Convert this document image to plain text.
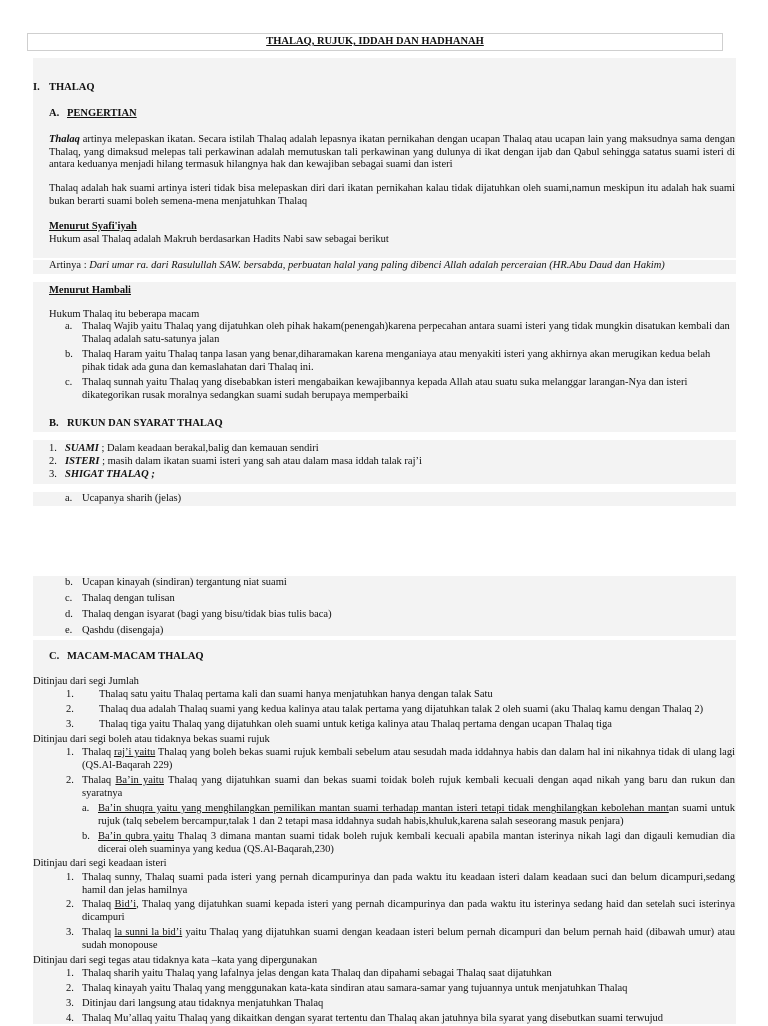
THALAQ, RUJUK, IDDAH DAN HADHANAH
I. THALAQ
A. PENGERTIAN
Thalaq artinya melepaskan ikatan. Secara istilah Thalaq adalah lepasnya ikatan pernikahan dengan ucapan Thalaq atau ucapan lain yang maksudnya sama dengan Thalaq, yang dimaksud melepas tali perkawinan adalah memutuskan tali perkawinan yang dulunya di ikat dengan ijab dan Qabul sehingga satatus suami isteri di antara keduanya menjadi hilang termasuk hilangnya hak dan kewajiban sebagai suami dan isteri
Thalaq adalah hak suami artinya isteri tidak bisa melepaskan diri dari ikatan pernikahan kalau tidak dijatuhkan oleh suami,namun meskipun itu adalah hak suami bukan berarti suami boleh semena-mena menjatuhkan Thalaq
Menurut Syafi'iyah
Hukum asal Thalaq adalah Makruh berdasarkan Hadits Nabi saw sebagai berikut
Artinya : Dari umar ra. dari Rasulullah SAW. bersabda, perbuatan halal yang paling dibenci Allah adalah perceraian (HR.Abu Daud dan Hakim)
Menurut Hambali
Hukum Thalaq itu beberapa macam
a. Thalaq Wajib yaitu Thalaq yang dijatuhkan oleh pihak hakam(penengah)karena perpecahan antara suami isteri yang tidak mungkin disatukan kembali dan Thalaq adalah satu-satunya jalan
b. Thalaq Haram yaitu Thalaq tanpa lasan yang benar,diharamakan karena menganiaya atau menyakiti isteri yang akhirnya akan merugikan kedua belah pihak tidak ada guna dan kemaslahatan dari Thalaq ini.
c. Thalaq sunnah yaitu Thalaq yang disebabkan isteri mengabaikan kewajibannya kepada Allah atau suatu suka melanggar larangan-Nya dan isteri dikategorikan rusak moralnya sedangkan suami sudah berupaya memperbaiki
B. RUKUN DAN SYARAT THALAQ
1. SUAMI ; Dalam keadaan berakal,balig dan kemauan sendiri
2. ISTERI ; masih dalam ikatan suami isteri yang sah atau dalam masa iddah talak raj’i
3. SHIGAT THALAQ ;
a. Ucapanya sharih (jelas)
b. Ucapan kinayah (sindiran) tergantung niat suami
c. Thalaq dengan tulisan
d. Thalaq dengan isyarat (bagi yang bisu/tidak bias tulis baca)
e. Qashdu (disengaja)
C. MACAM-MACAM THALAQ
Ditinjau dari segi Jumlah
1. Thalaq satu yaitu Thalaq pertama kali dan suami hanya menjatuhkan hanya dengan talak Satu
2. Thalaq dua adalah Thalaq suami yang kedua kalinya atau talak pertama yang dijatuhkan talak 2 oleh suami (aku Thalaq kamu dengan Thalaq 2)
3. Thalaq tiga yaitu Thalaq yang dijatuhkan oleh suami untuk ketiga kalinya atau Thalaq pertama dengan ucapan Thalaq tiga
Ditinjau dari segi boleh atau tidaknya bekas suami rujuk
1. Thalaq raj’i yaitu Thalaq yang boleh bekas suami rujuk kembali sebelum atau sesudah mada iddahnya habis dan dalam hal ini nikahnya tidak di ulang lagi (QS.Al-Baqarah 229)
2. Thalaq Ba’in yaitu Thalaq yang dijatuhkan suami dan bekas suami toidak boleh rujuk kembali kecuali dengan aqad nikah yang baru dan rukun dan syaratnya
a. Ba’in shuqra yaitu yang menghilangkan pemilikan mantan suami terhadap mantan isteri tetapi tidak menghilangkan kebolehan mantan suami untuk rujuk (talq sebelem bercampur,talak 1 dan 2 tetapi masa iddahnya sudah habis,khuluk,karena salah seseorang masuk penjara)
b. Ba’in qubra yaitu Thalaq 3 dimana mantan suami tidak boleh rujuk kembali kecuali apabila mantan isterinya nikah lagi dan digauli kemudian dia dicerai oleh suaminya yang kedua (QS.Al-Baqarah,230)
Ditinjau dari segi keadaan isteri
1. Thalaq sunny, Thalaq suami pada isteri yang pernah dicampurinya dan pada waktu itu keadaan isteri dalam keadaan suci dan belum dicampuri,sedang hamil dan jelas hamilnya
2. Thalaq Bid’i, Thalaq yang dijatuhkan suami kepada isteri yang pernah dicampurinya dan pada waktu itu isterinya sedang haid dan setelah suci isterinya dicampuri
3. Thalaq la sunni la bid’i yaitu Thalaq yang dijatuhkan suami dengan keadaan isteri belum pernah dicampuri dan belum pernah haid (dibawah umur) atau sudah monopouse
Ditinjau dari segi tegas atau tidaknya kata –kata yang dipergunakan
1. Thalaq sharih yaitu Thalaq yang lafalnya jelas dengan kata Thalaq dan dipahami sebagai Thalaq saat dijatuhkan
2. Thalaq kinayah yaitu Thalaq yang menggunakan kata-kata sindiran atau samara-samar yang tujuannya untuk menjatuhkan Thalaq
3. Ditinjau dari langsung atau tidaknya menjatuhkan Thalaq
4. Thalaq Mu’allaq yaitu Thalaq yang dikaitkan dengan syarat tertentu dan Thalaq akan jatuhnya bila syarat yang disebutkan suami terwujud
